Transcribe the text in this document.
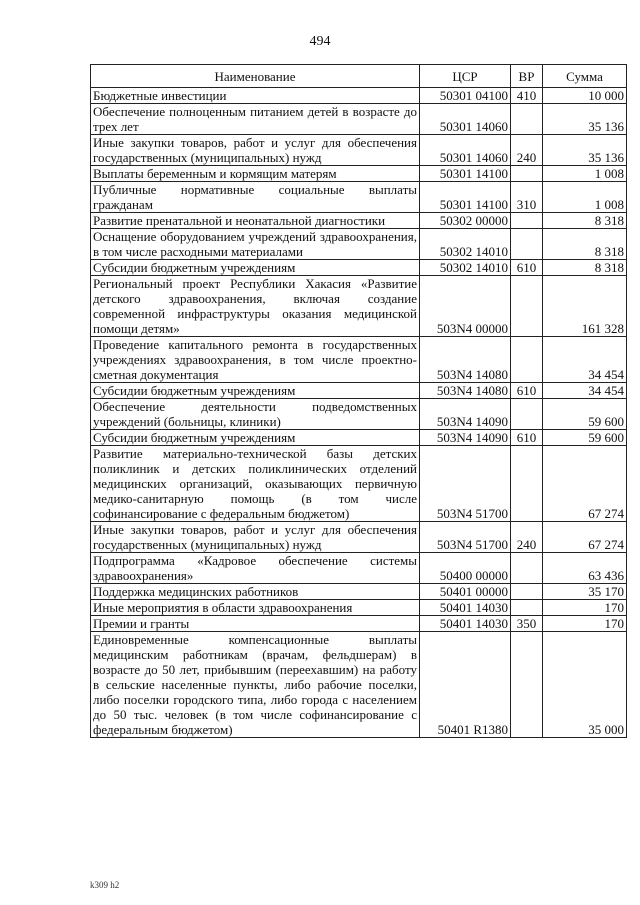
494
Наименование	ЦСР	ВР	Сумма
Бюджетные инвестиции	50301 04100	410	10 000
Обеспечение полноценным питанием детей в возрасте до трех лет	50301 14060		35 136
Иные закупки товаров, работ и услуг для обеспечения государственных (муниципальных) нужд	50301 14060	240	35 136
Выплаты беременным и кормящим матерям	50301 14100		1 008
Публичные нормативные социальные выплаты гражданам	50301 14100	310	1 008
Развитие пренатальной и неонатальной диагностики	50302 00000		8 318
Оснащение оборудованием учреждений здравоохранения, в том числе расходными материалами	50302 14010		8 318
Субсидии бюджетным учреждениям	50302 14010	610	8 318
Региональный проект Республики Хакасия «Развитие детского здравоохранения, включая создание современной инфраструктуры оказания медицинской помощи детям»	503N4 00000		161 328
Проведение капитального ремонта в государственных учреждениях здравоохранения, в том числе проектно-сметная документация	503N4 14080		34 454
Субсидии бюджетным учреждениям	503N4 14080	610	34 454
Обеспечение деятельности подведомственных учреждений (больницы, клиники)	503N4 14090		59 600
Субсидии бюджетным учреждениям	503N4 14090	610	59 600
Развитие материально-технической базы детских поликлиник и детских поликлинических отделений медицинских организаций, оказывающих первичную медико-санитарную помощь (в том числе софинансирование с федеральным бюджетом)	503N4 51700		67 274
Иные закупки товаров, работ и услуг для обеспечения государственных (муниципальных) нужд	503N4 51700	240	67 274
Подпрограмма «Кадровое обеспечение системы здравоохранения»	50400 00000		63 436
Поддержка медицинских работников	50401 00000		35 170
Иные мероприятия в области здравоохранения	50401 14030		170
Премии и гранты	50401 14030	350	170
Единовременные компенсационные выплаты медицинским работникам (врачам, фельдшерам) в возрасте до 50 лет, прибывшим (переехавшим) на работу в сельские населенные пункты, либо рабочие поселки, либо поселки городского типа, либо города с населением до 50 тыс. человек (в том числе софинансирование с федеральным бюджетом)	50401 R1380		35 000
k309 h2
